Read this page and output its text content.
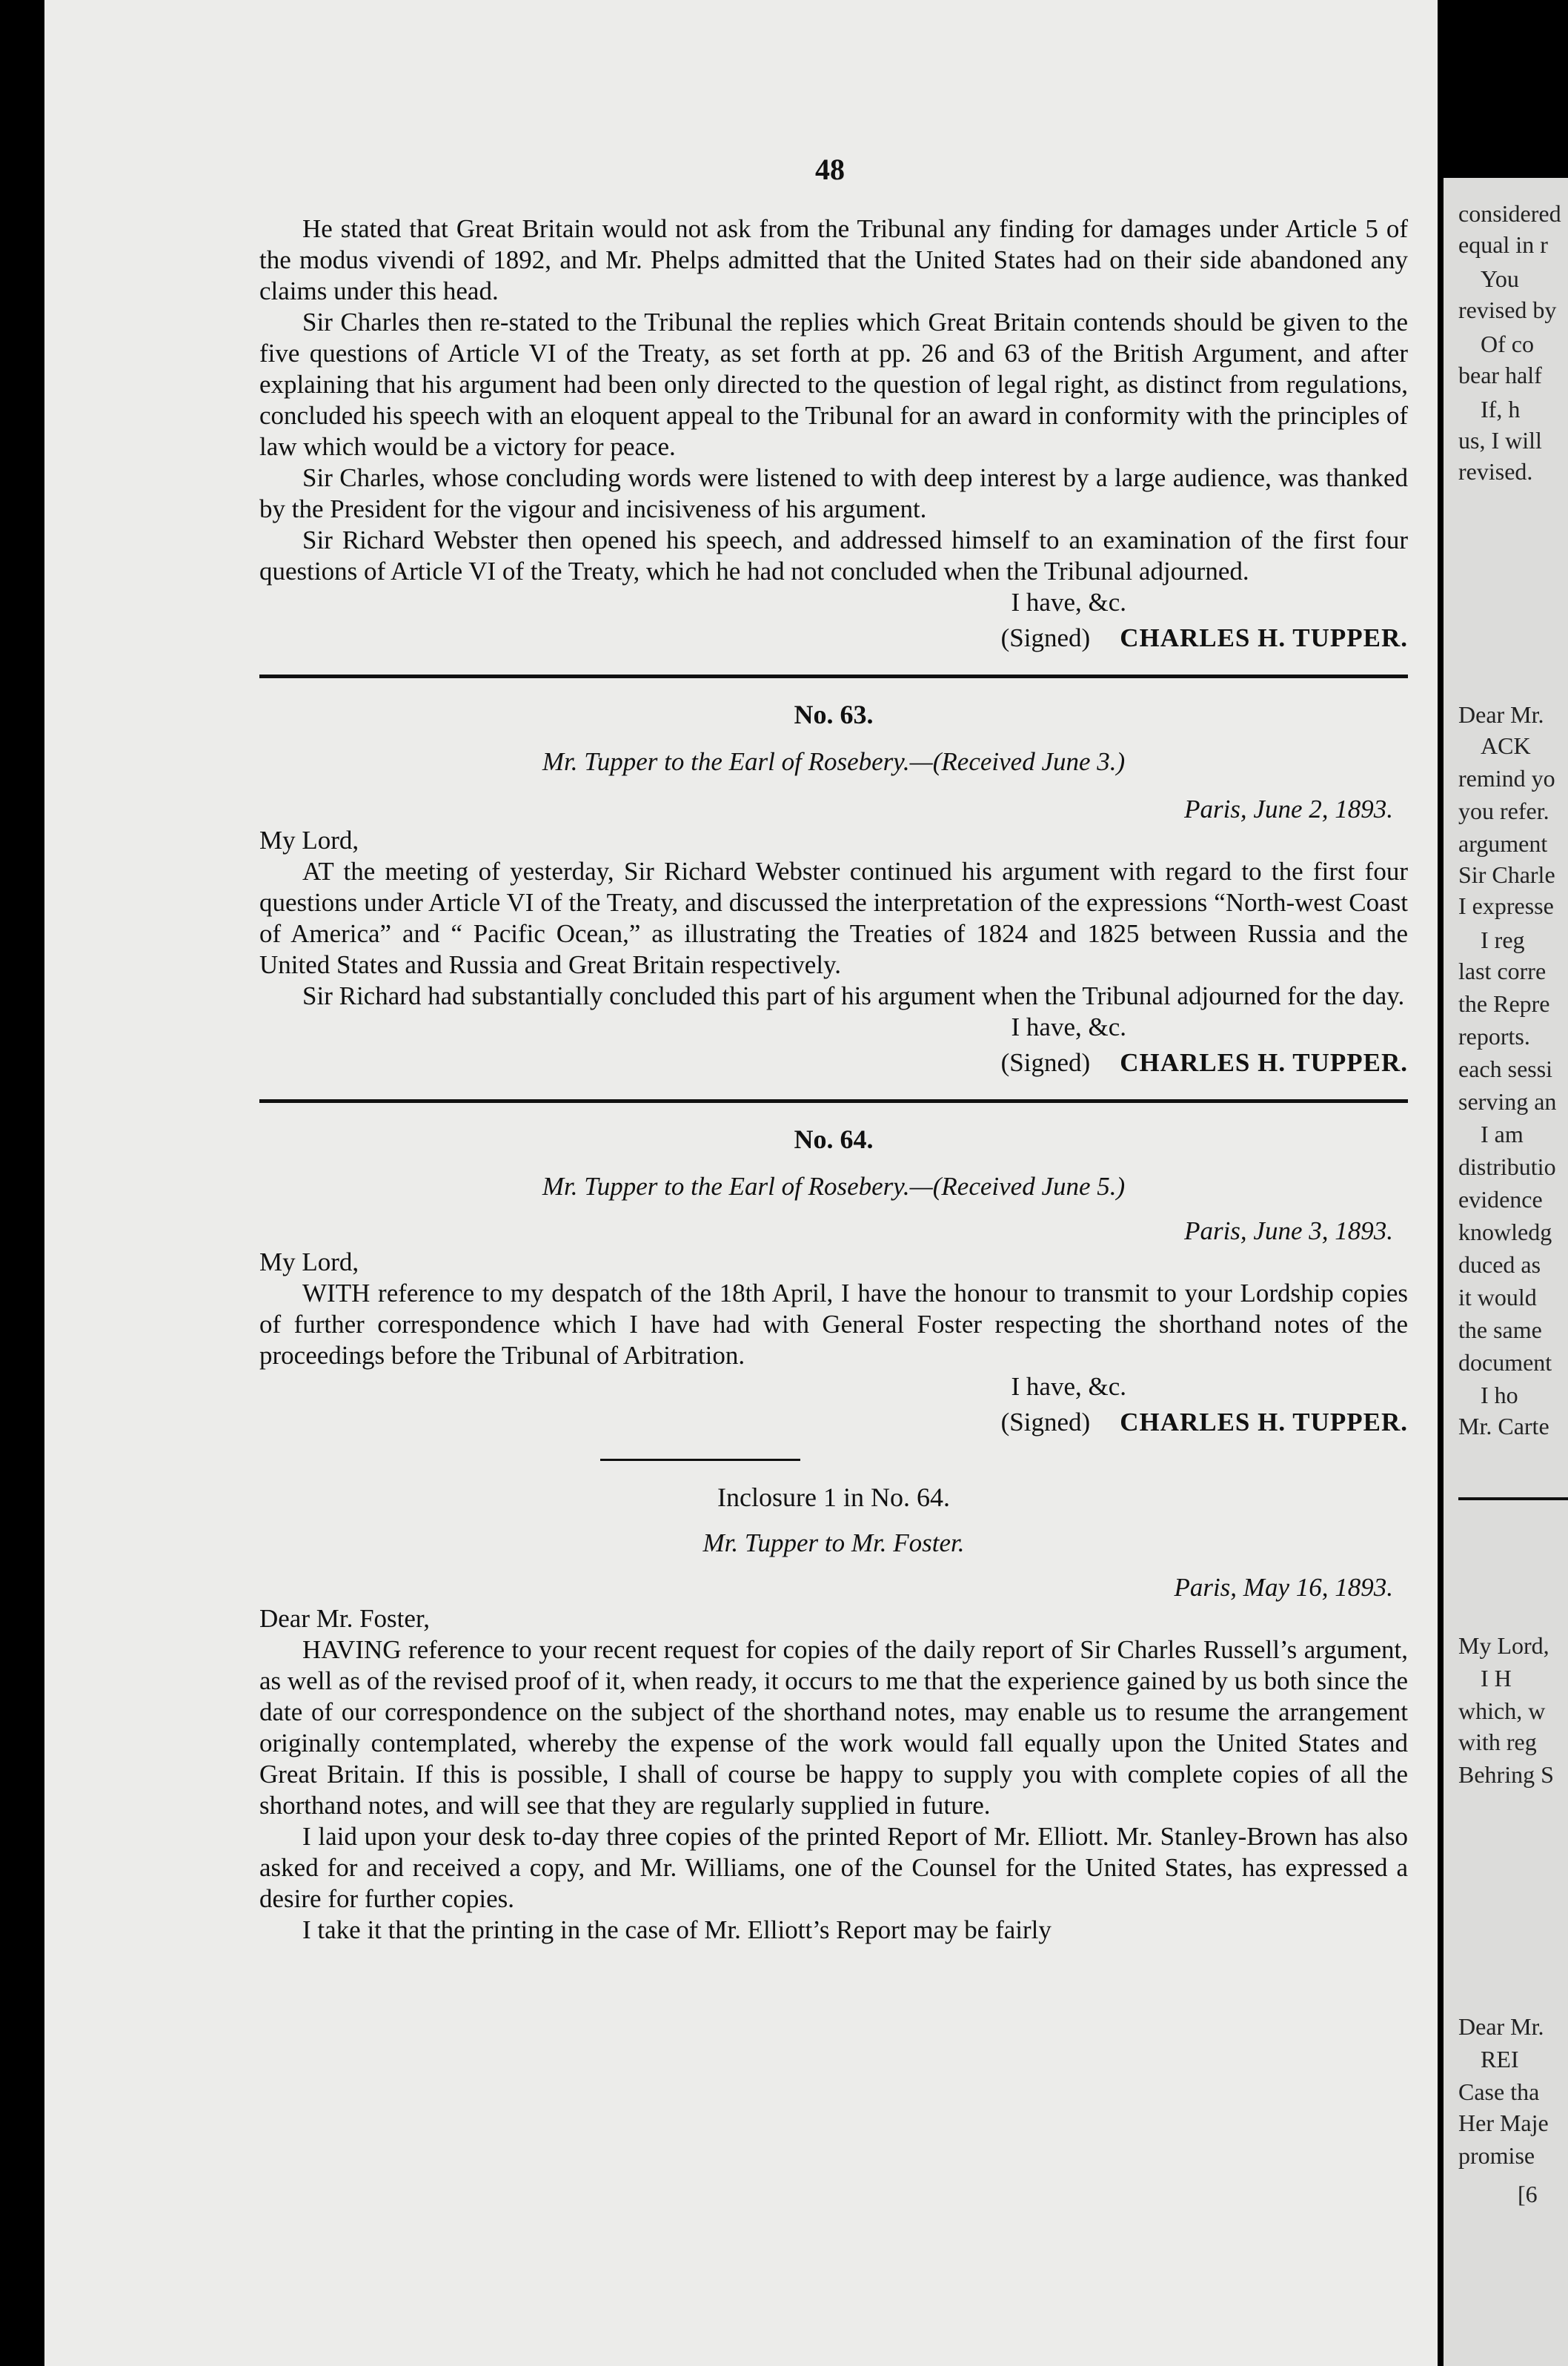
48

He stated that Great Britain would not ask from the Tribunal any finding for damages under Article 5 of the modus vivendi of 1892, and Mr. Phelps admitted that the United States had on their side abandoned any claims under this head.

Sir Charles then re-stated to the Tribunal the replies which Great Britain contends should be given to the five questions of Article VI of the Treaty, as set forth at pp. 26 and 63 of the British Argument, and after explaining that his argument had been only directed to the question of legal right, as distinct from regulations, concluded his speech with an eloquent appeal to the Tribunal for an award in conformity with the principles of law which would be a victory for peace.

Sir Charles, whose concluding words were listened to with deep interest by a large audience, was thanked by the President for the vigour and incisiveness of his argument.

Sir Richard Webster then opened his speech, and addressed himself to an examination of the first four questions of Article VI of the Treaty, which he had not concluded when the Tribunal adjourned.

I have, &c.
(Signed) CHARLES H. TUPPER.
No. 63.
Mr. Tupper to the Earl of Rosebery.—(Received June 3.)
Paris, June 2, 1893.
My Lord,

AT the meeting of yesterday, Sir Richard Webster continued his argument with regard to the first four questions under Article VI of the Treaty, and discussed the interpretation of the expressions “North-west Coast of America” and “ Pacific Ocean,” as illustrating the Treaties of 1824 and 1825 between Russia and the United States and Russia and Great Britain respectively.

Sir Richard had substantially concluded this part of his argument when the Tribunal adjourned for the day.

I have, &c.
(Signed) CHARLES H. TUPPER.
No. 64.
Mr. Tupper to the Earl of Rosebery.—(Received June 5.)
Paris, June 3, 1893.
My Lord,

WITH reference to my despatch of the 18th April, I have the honour to transmit to your Lordship copies of further correspondence which I have had with General Foster respecting the shorthand notes of the proceedings before the Tribunal of Arbitration.

I have, &c.
(Signed) CHARLES H. TUPPER.
Inclosure 1 in No. 64.
Mr. Tupper to Mr. Foster.
Paris, May 16, 1893.
Dear Mr. Foster,

HAVING reference to your recent request for copies of the daily report of Sir Charles Russell’s argument, as well as of the revised proof of it, when ready, it occurs to me that the experience gained by us both since the date of our correspondence on the subject of the shorthand notes, may enable us to resume the arrangement originally contemplated, whereby the expense of the work would fall equally upon the United States and Great Britain. If this is possible, I shall of course be happy to supply you with complete copies of all the shorthand notes, and will see that they are regularly supplied in future.

I laid upon your desk to-day three copies of the printed Report of Mr. Elliott. Mr. Stanley-Brown has also asked for and received a copy, and Mr. Williams, one of the Counsel for the United States, has expressed a desire for further copies.

I take it that the printing in the case of Mr. Elliott’s Report may be fairly

considered
equal in r
You
revised by
Of co
bear half
If, h
us, I will
revised.
Dear Mr.
ACK
remind yo
you refer.
argument
Sir Charle
I expresse
I reg
last corre
the Repre
reports.
each sessi
serving an
I am
distributio
evidence
knowledg
duced as
it would
the same
document
I ho
Mr. Carte
My Lord,
I H
which, w
with reg
Behring S
Dear Mr.
REI
Case tha
Her Maje
promise
[6
